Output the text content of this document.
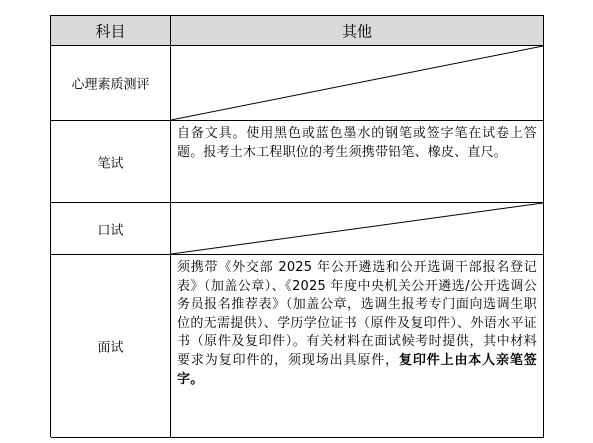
科目	其他
心理素质测评
笔试
自备文具。使用黑色或蓝色墨水的钢笔或签字笔在试卷上答题。报考土木工程职位的考生须携带铅笔、橡皮、直尺。
口试
面试
须携带《外交部 2025 年公开遴选和公开选调干部报名登记表》（加盖公章）、《2025 年度中央机关公开遴选/公开选调公务员报名推荐表》（加盖公章，选调生报考专门面向选调生职位的无需提供）、学历学位证书（原件及复印件）、外语水平证书（原件及复印件）。有关材料在面试候考时提供，其中材料要求为复印件的，须现场出具原件，复印件上由本人亲笔签字。
